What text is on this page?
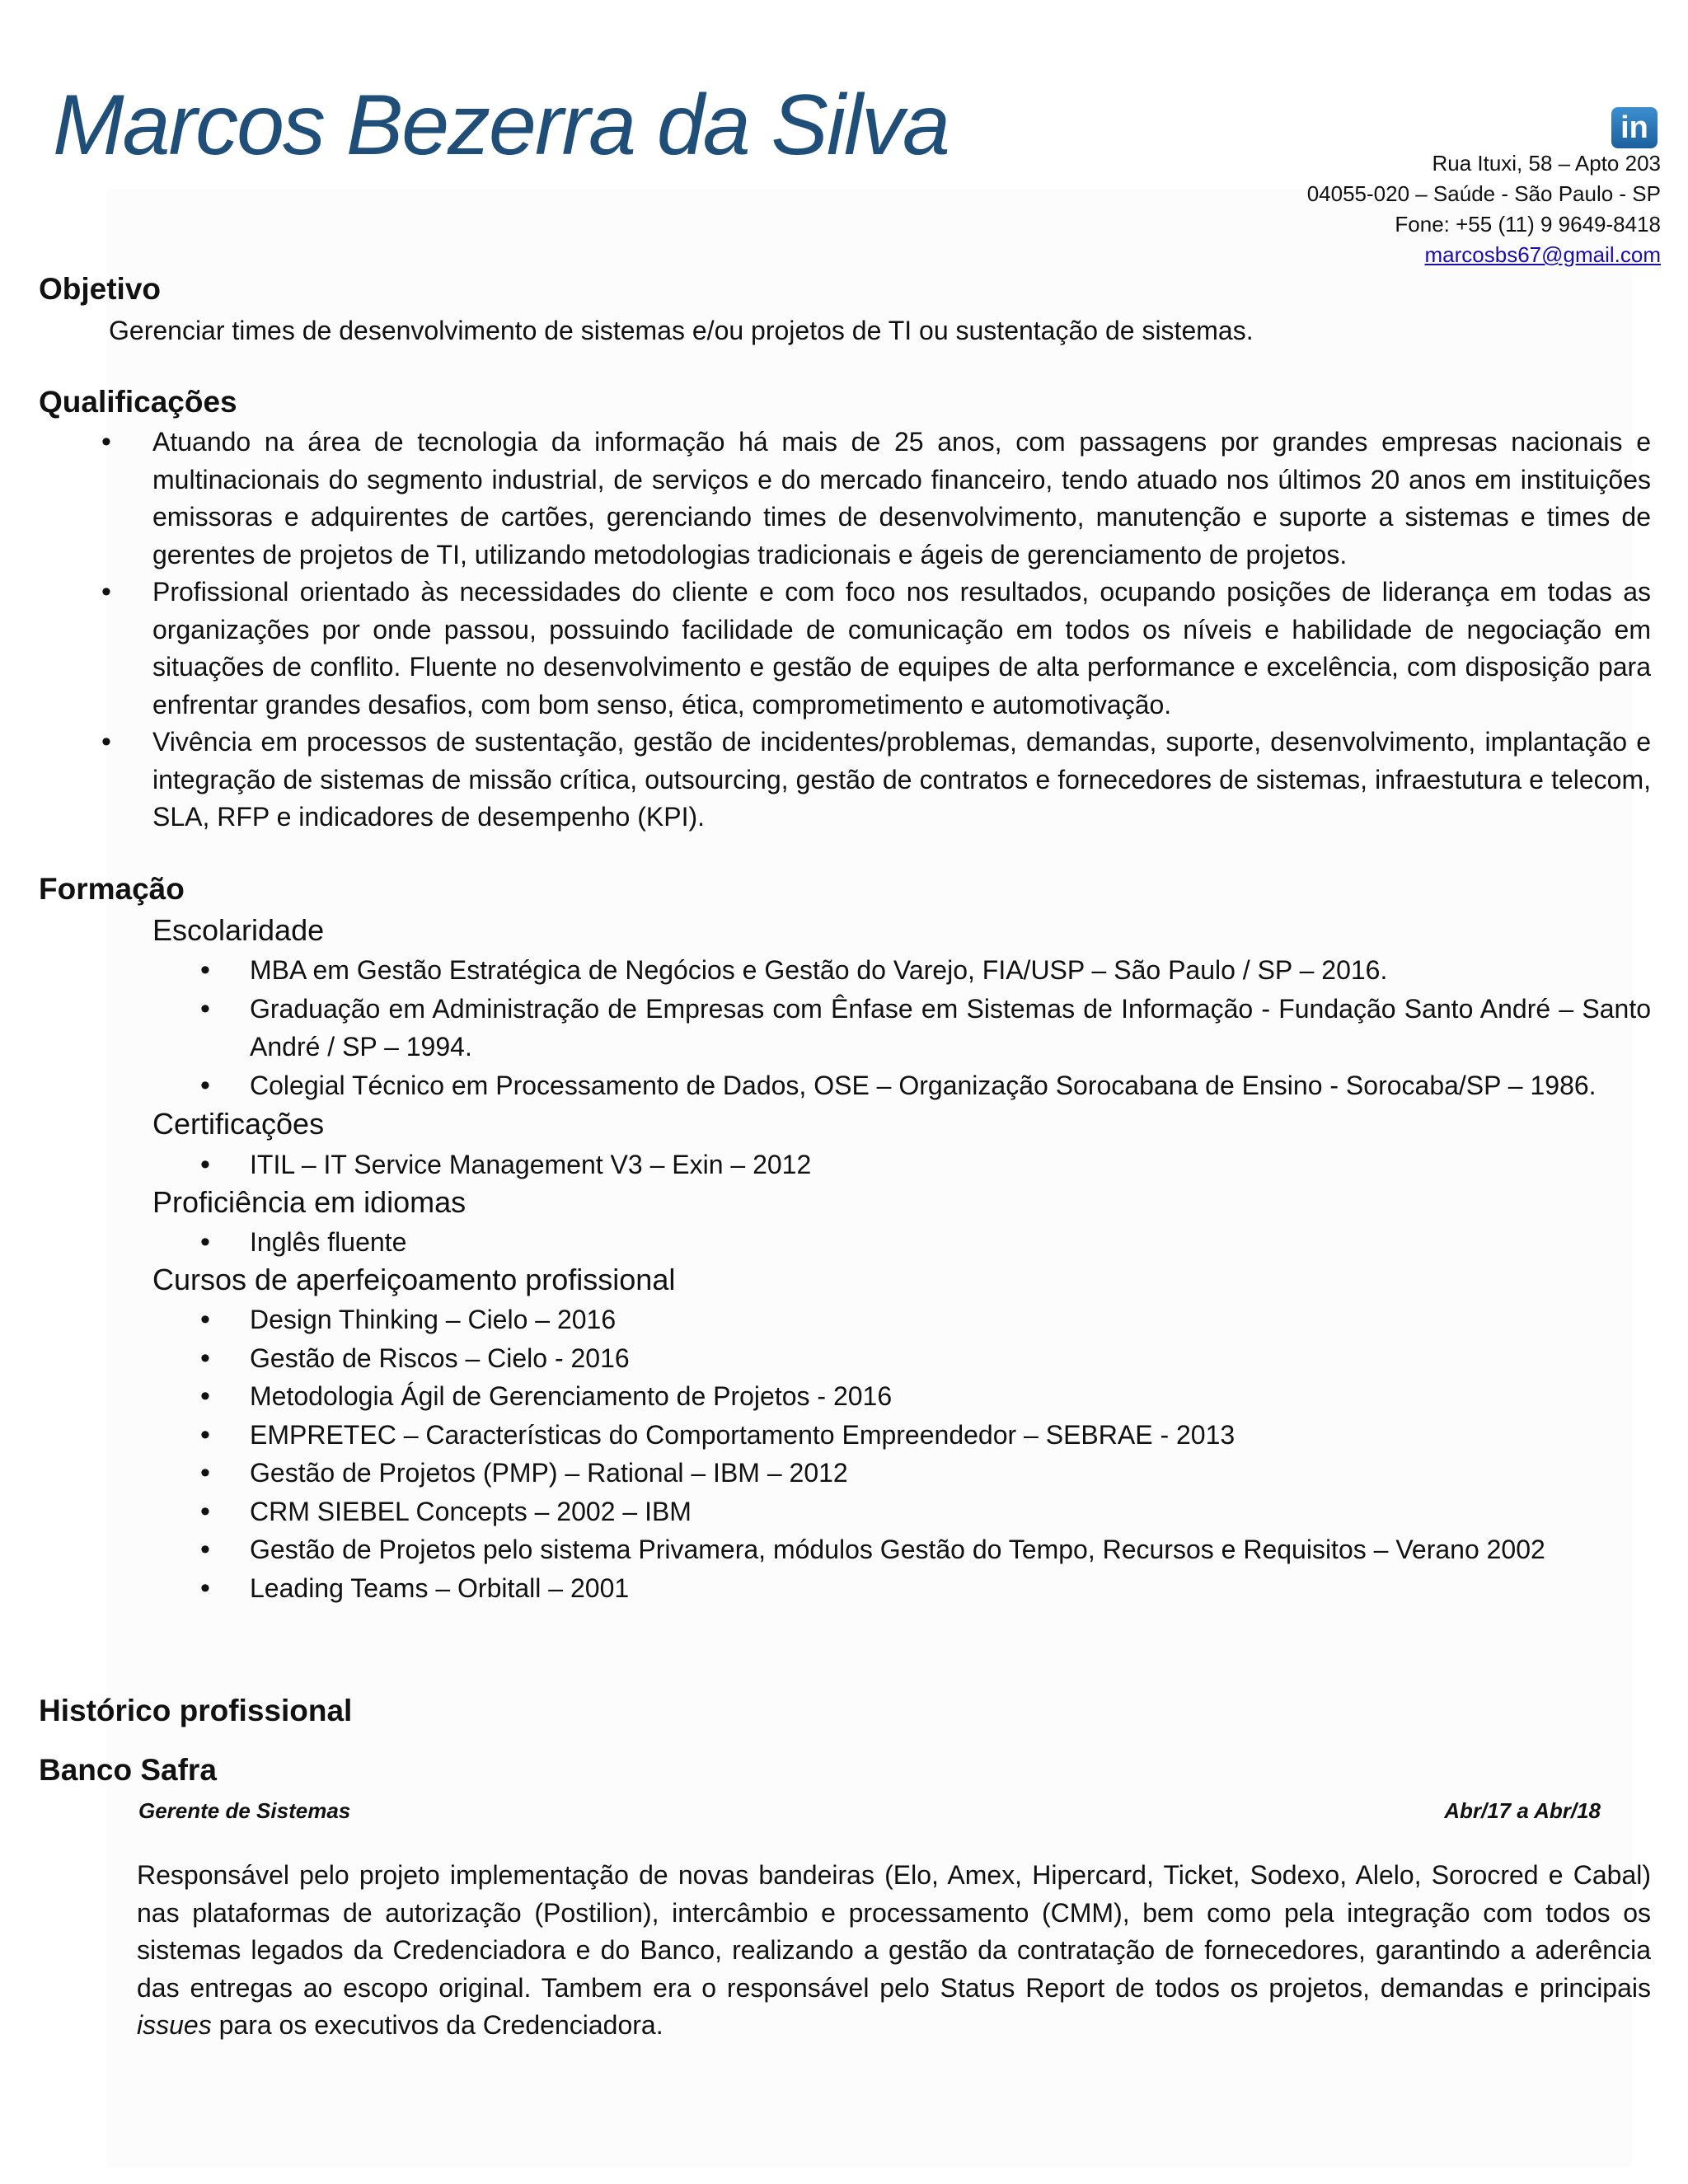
Marcos Bezerra da Silva	in
Rua Ituxi, 58 – Apto 203
04055-020 – Saúde - São Paulo - SP
Fone: +55 (11) 9 9649-8418
marcosbs67@gmail.com
Objetivo
Gerenciar times de desenvolvimento de sistemas e/ou projetos de TI ou sustentação de sistemas.
Qualificações
• Atuando na área de tecnologia da informação há mais de 25 anos, com passagens por grandes empresas nacionais e multinacionais do segmento industrial, de serviços e do mercado financeiro, tendo atuado nos últimos 20 anos em instituições emissoras e adquirentes de cartões, gerenciando times de desenvolvimento, manutenção e suporte a sistemas e times de gerentes de projetos de TI, utilizando metodologias tradicionais e ágeis de gerenciamento de projetos.
• Profissional orientado às necessidades do cliente e com foco nos resultados, ocupando posições de liderança em todas as organizações por onde passou, possuindo facilidade de comunicação em todos os níveis e habilidade de negociação em situações de conflito. Fluente no desenvolvimento e gestão de equipes de alta performance e excelência, com disposição para enfrentar grandes desafios, com bom senso, ética, comprometimento e automotivação.
• Vivência em processos de sustentação, gestão de incidentes/problemas, demandas, suporte, desenvolvimento, implantação e integração de sistemas de missão crítica, outsourcing, gestão de contratos e fornecedores de sistemas, infraestutura e telecom, SLA, RFP e indicadores de desempenho (KPI).
Formação
Escolaridade
• MBA em Gestão Estratégica de Negócios e Gestão do Varejo, FIA/USP – São Paulo / SP – 2016.
• Graduação em Administração de Empresas com Ênfase em Sistemas de Informação - Fundação Santo André – Santo André / SP – 1994.
• Colegial Técnico em Processamento de Dados, OSE – Organização Sorocabana de Ensino - Sorocaba/SP – 1986.
Certificações
• ITIL – IT Service Management V3 – Exin – 2012
Proficiência em idiomas
• Inglês fluente
Cursos de aperfeiçoamento profissional
• Design Thinking – Cielo – 2016
• Gestão de Riscos – Cielo - 2016
• Metodologia Ágil de Gerenciamento de Projetos - 2016
• EMPRETEC – Características do Comportamento Empreendedor – SEBRAE - 2013
• Gestão de Projetos (PMP) – Rational – IBM – 2012
• CRM SIEBEL Concepts – 2002 – IBM
• Gestão de Projetos pelo sistema Privamera, módulos Gestão do Tempo, Recursos e Requisitos – Verano 2002
• Leading Teams – Orbitall – 2001
Histórico profissional
Banco Safra
Gerente de Sistemas	Abr/17 a Abr/18
Responsável pelo projeto implementação de novas bandeiras (Elo, Amex, Hipercard, Ticket, Sodexo, Alelo, Sorocred e Cabal) nas plataformas de autorização (Postilion), intercâmbio e processamento (CMM), bem como pela integração com todos os sistemas legados da Credenciadora e do Banco, realizando a gestão da contratação de fornecedores, garantindo a aderência das entregas ao escopo original. Tambem era o responsável pelo Status Report de todos os projetos, demandas e principais issues para os executivos da Credenciadora.
